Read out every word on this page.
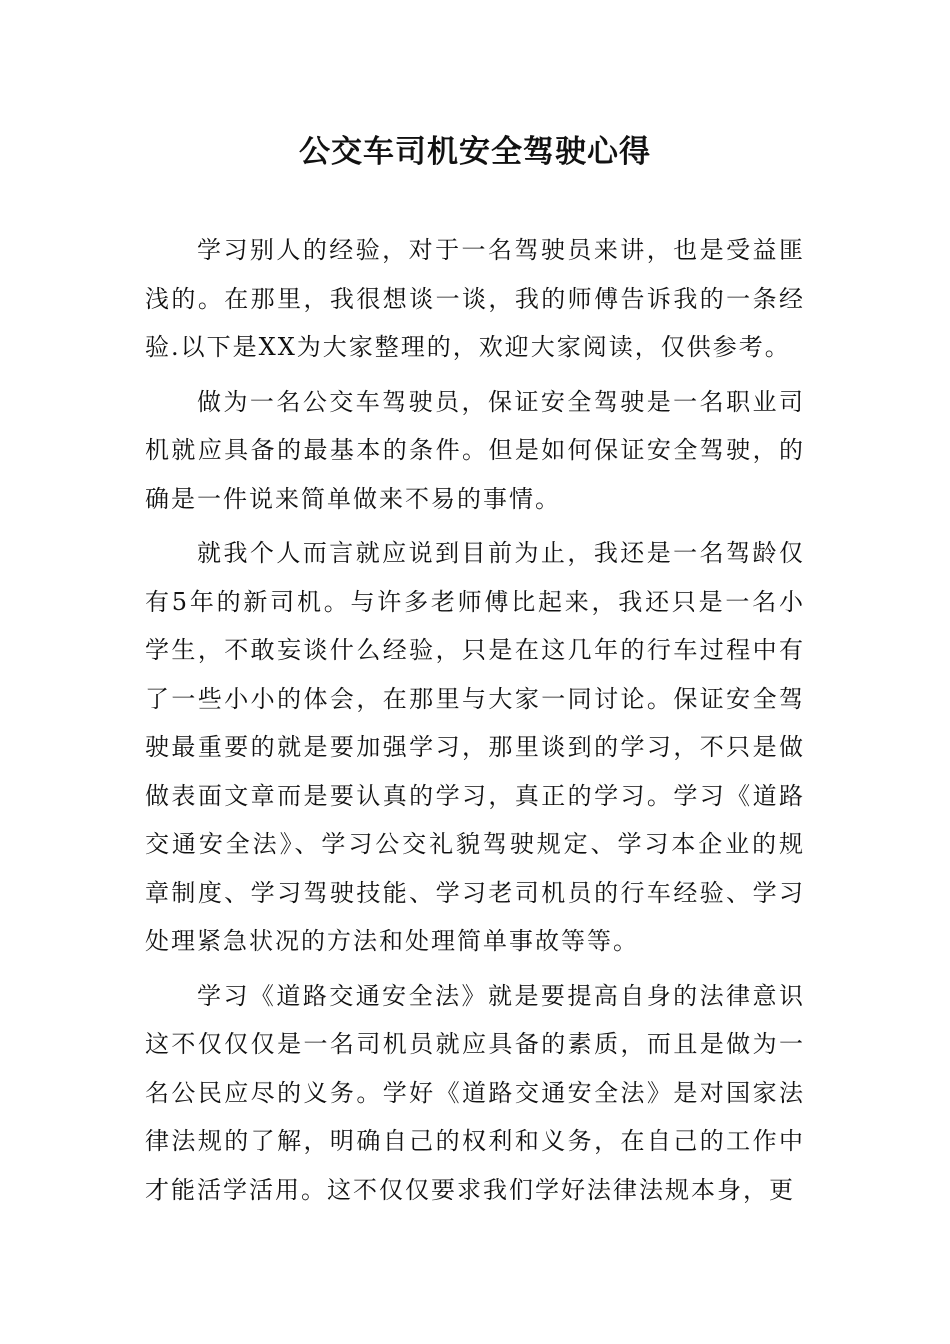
公交车司机安全驾驶心得

学习别人的经验，对于一名驾驶员来讲，也是受益匪浅的。在那里，我很想谈一谈，我的师傅告诉我的一条经验.以下是XX为大家整理的，欢迎大家阅读，仅供参考。

做为一名公交车驾驶员，保证安全驾驶是一名职业司机就应具备的最基本的条件。但是如何保证安全驾驶，的确是一件说来简单做来不易的事情。

就我个人而言就应说到目前为止，我还是一名驾龄仅有5年的新司机。与许多老师傅比起来，我还只是一名小学生，不敢妄谈什么经验，只是在这几年的行车过程中有了一些小小的体会，在那里与大家一同讨论。保证安全驾驶最重要的就是要加强学习，那里谈到的学习，不只是做做表面文章而是要认真的学习，真正的学习。学习《道路交通安全法》、学习公交礼貌驾驶规定、学习本企业的规章制度、学习驾驶技能、学习老司机员的行车经验、学习处理紧急状况的方法和处理简单事故等等。

学习《道路交通安全法》就是要提高自身的法律意识这不仅仅仅是一名司机员就应具备的素质，而且是做为一名公民应尽的义务。学好《道路交通安全法》是对国家法律法规的了解，明确自己的权利和义务，在自己的工作中才能活学活用。这不仅仅要求我们学好法律法规本身，更
